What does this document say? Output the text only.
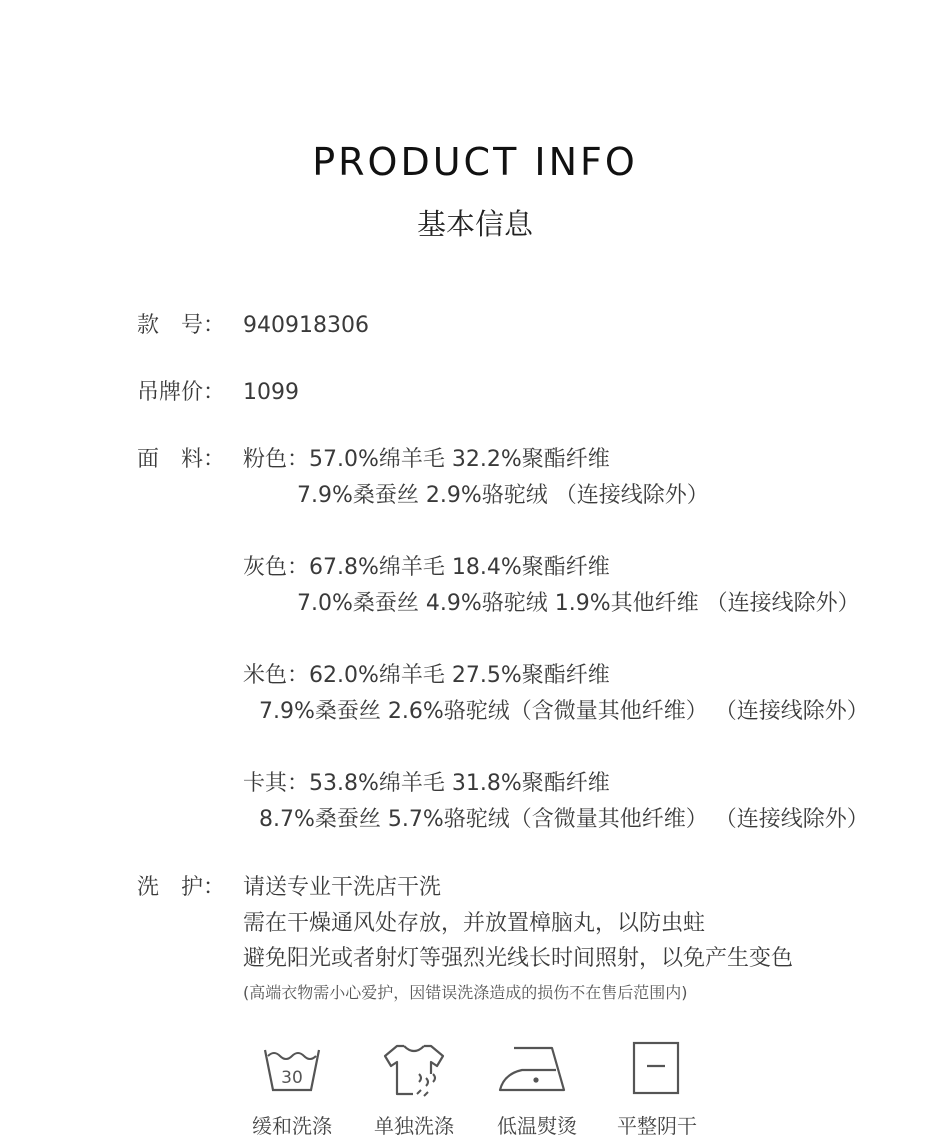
PRODUCT INFO
基本信息
款　号： 940918306
吊牌价： 1099
面　料： 粉色：57.0%绵羊毛 32.2%聚酯纤维
7.9%桑蚕丝 2.9%骆驼绒 （连接线除外）
灰色：67.8%绵羊毛 18.4%聚酯纤维
7.0%桑蚕丝 4.9%骆驼绒 1.9%其他纤维 （连接线除外）
米色：62.0%绵羊毛 27.5%聚酯纤维
7.9%桑蚕丝 2.6%骆驼绒（含微量其他纤维） （连接线除外）
卡其：53.8%绵羊毛 31.8%聚酯纤维
8.7%桑蚕丝 5.7%骆驼绒（含微量其他纤维） （连接线除外）
洗　护： 请送专业干洗店干洗
需在干燥通风处存放，并放置樟脑丸，以防虫蛀
避免阳光或者射灯等强烈光线长时间照射，以免产生变色
(高端衣物需小心爱护，因错误洗涤造成的损伤不在售后范围内)
30
缓和洗涤	单独洗涤	低温熨烫	平整阴干
